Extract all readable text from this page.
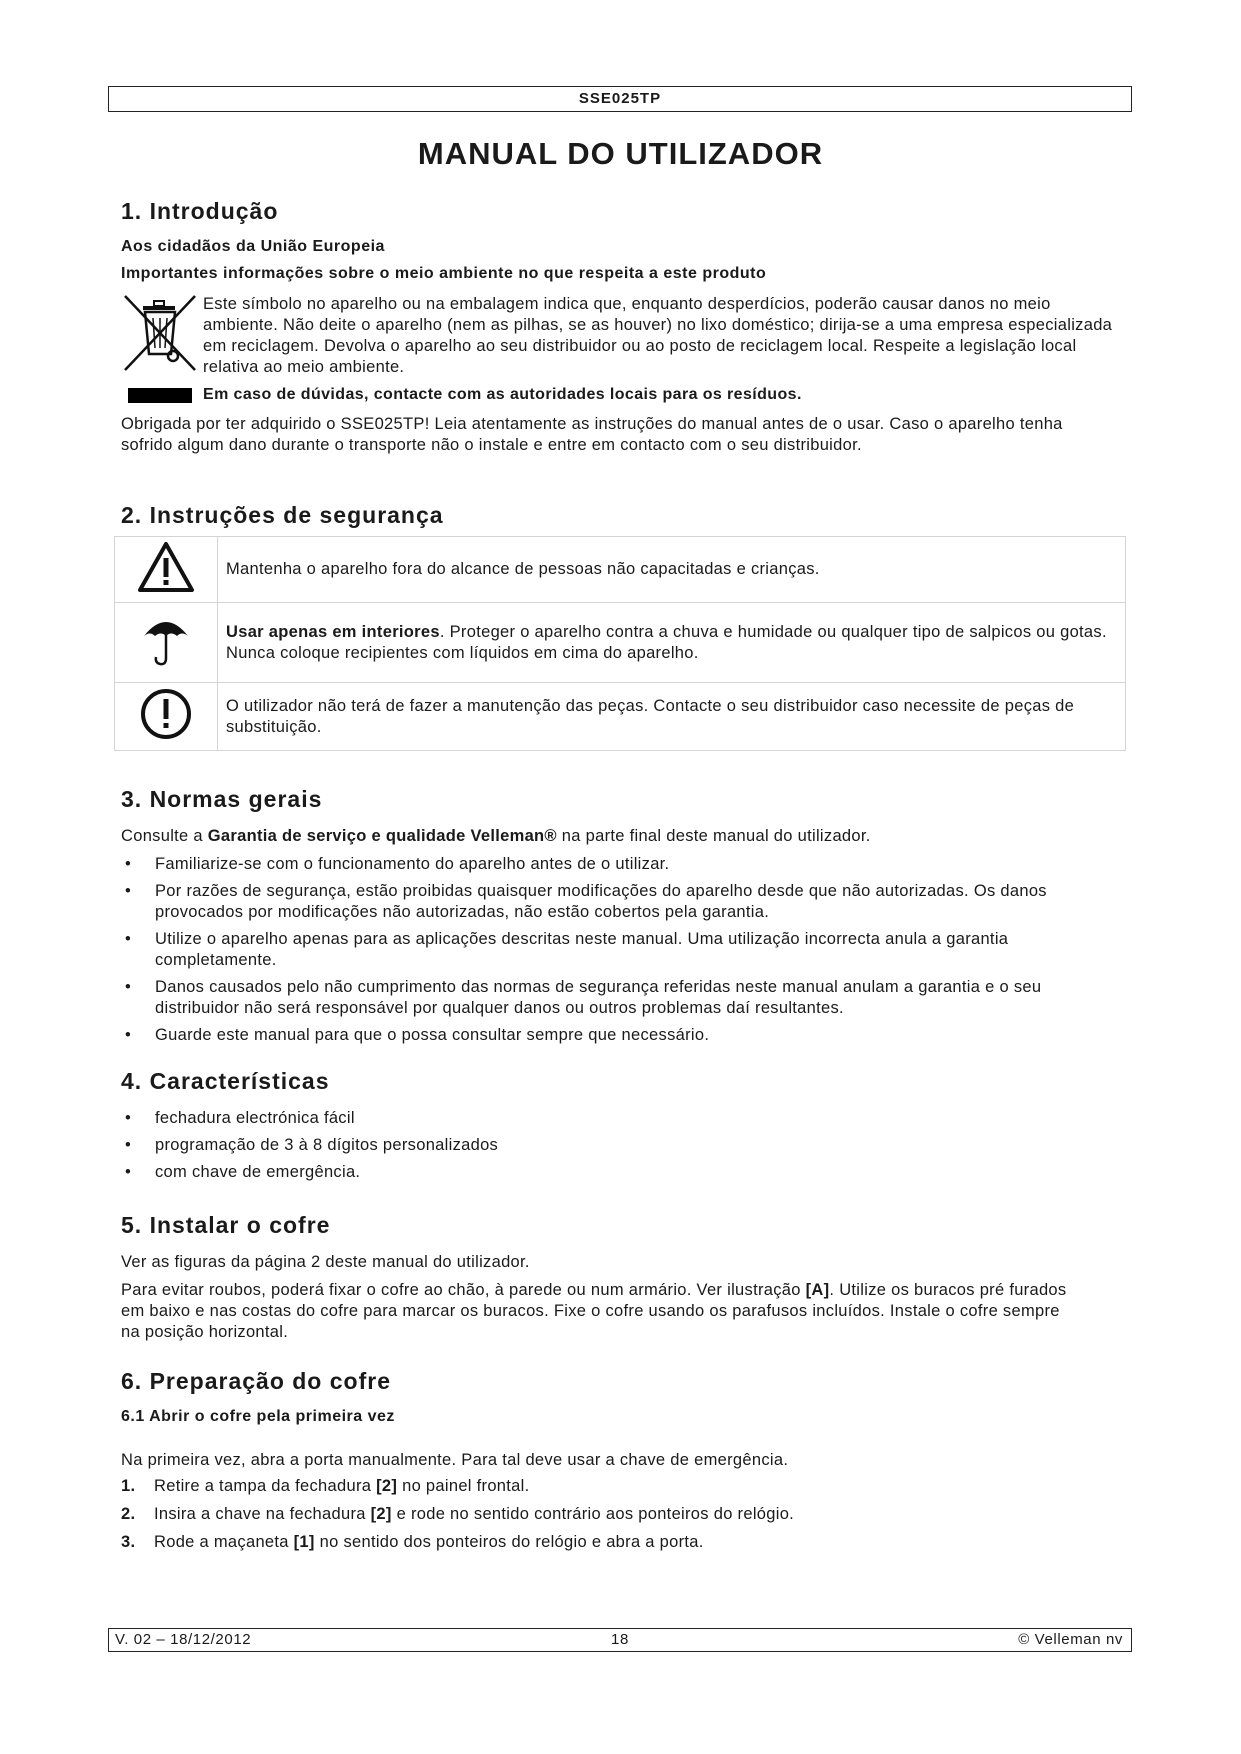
SSE025TP
MANUAL DO UTILIZADOR
1. Introdução
Aos cidadãos da União Europeia
Importantes informações sobre o meio ambiente no que respeita a este produto
Este símbolo no aparelho ou na embalagem indica que, enquanto desperdícios, poderão causar danos no meio ambiente. Não deite o aparelho (nem as pilhas, se as houver) no lixo doméstico; dirija-se a uma empresa especializada em reciclagem. Devolva o aparelho ao seu distribuidor ou ao posto de reciclagem local. Respeite a legislação local relativa ao meio ambiente.
Em caso de dúvidas, contacte com as autoridades locais para os resíduos.
Obrigada por ter adquirido o SSE025TP! Leia atentamente as instruções do manual antes de o usar. Caso o aparelho tenha sofrido algum dano durante o transporte não o instale e entre em contacto com o seu distribuidor.
2. Instruções de segurança
	Mantenha o aparelho fora do alcance de pessoas não capacitadas e crianças.
	Usar apenas em interiores. Proteger o aparelho contra a chuva e humidade ou qualquer tipo de salpicos ou gotas. Nunca coloque recipientes com líquidos em cima do aparelho.
	O utilizador não terá de fazer a manutenção das peças. Contacte o seu distribuidor caso necessite de peças de substituição.
3. Normas gerais
Consulte a Garantia de serviço e qualidade Velleman® na parte final deste manual do utilizador.
• Familiarize-se com o funcionamento do aparelho antes de o utilizar.
• Por razões de segurança, estão proibidas quaisquer modificações do aparelho desde que não autorizadas. Os danos provocados por modificações não autorizadas, não estão cobertos pela garantia.
• Utilize o aparelho apenas para as aplicações descritas neste manual. Uma utilização incorrecta anula a garantia completamente.
• Danos causados pelo não cumprimento das normas de segurança referidas neste manual anulam a garantia e o seu distribuidor não será responsável por qualquer danos ou outros problemas daí resultantes.
• Guarde este manual para que o possa consultar sempre que necessário.
4. Características
• fechadura electrónica fácil
• programação de 3 à 8 dígitos personalizados
• com chave de emergência.
5. Instalar o cofre
Ver as figuras da página 2 deste manual do utilizador.
Para evitar roubos, poderá fixar o cofre ao chão, à parede ou num armário. Ver ilustração [A]. Utilize os buracos pré furados em baixo e nas costas do cofre para marcar os buracos. Fixe o cofre usando os parafusos incluídos. Instale o cofre sempre na posição horizontal.
6. Preparação do cofre
6.1 Abrir o cofre pela primeira vez
Na primeira vez, abra a porta manualmente. Para tal deve usar a chave de emergência.
1. Retire a tampa da fechadura [2] no painel frontal.
2. Insira a chave na fechadura [2] e rode no sentido contrário aos ponteiros do relógio.
3. Rode a maçaneta [1] no sentido dos ponteiros do relógio e abra a porta.
18
V. 02 – 18/12/2012	© Velleman nv
